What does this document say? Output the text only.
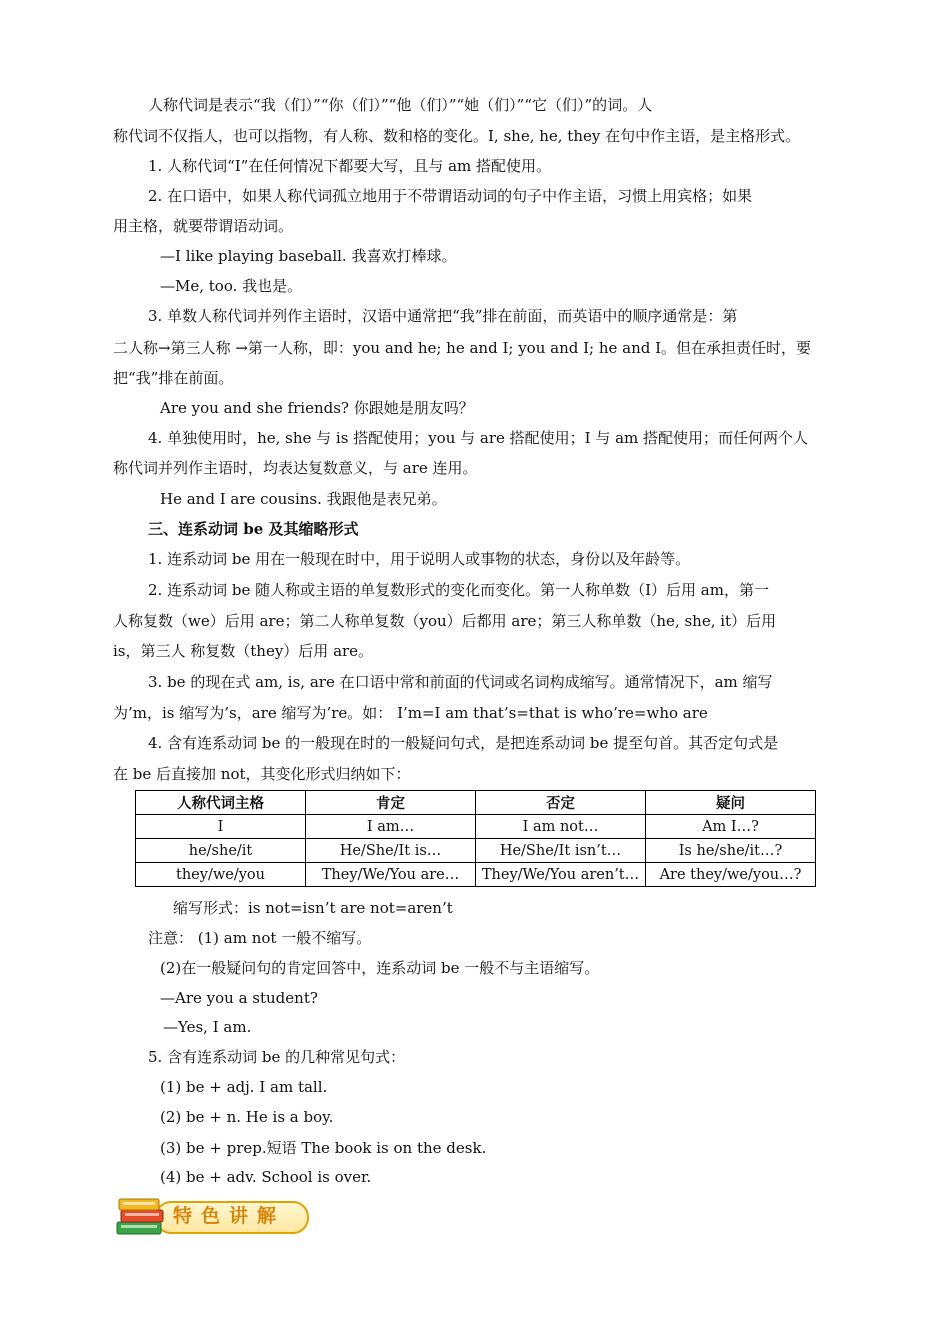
人称代词是表示“我（们）”“你（们）”“他（们）”“她（们）”“它（们）”的词。人
称代词不仅指人，也可以指物，有人称、数和格的变化。I, she, he, they 在句中作主语，是主格形式。
1. 人称代词“I”在任何情况下都要大写，且与 am 搭配使用。
2. 在口语中，如果人称代词孤立地用于不带谓语动词的句子中作主语，习惯上用宾格；如果
用主格，就要带谓语动词。
—I like playing baseball. 我喜欢打棒球。
—Me, too. 我也是。
3. 单数人称代词并列作主语时，汉语中通常把“我”排在前面，而英语中的顺序通常是：第
二人称→第三人称 →第一人称，即：you and he; he and I; you and I; he and I。但在承担责任时，要
把“我”排在前面。
Are you and she friends? 你跟她是朋友吗？
4. 单独使用时，he, she 与 is 搭配使用；you 与 are 搭配使用；I 与 am 搭配使用；而任何两个人
称代词并列作主语时，均表达复数意义，与 are 连用。
He and I are cousins. 我跟他是表兄弟。
三、连系动词 be 及其缩略形式
1. 连系动词 be 用在一般现在时中，用于说明人或事物的状态，身份以及年龄等。
2. 连系动词 be 随人称或主语的单复数形式的变化而变化。第一人称单数（I）后用 am，第一
人称复数（we）后用 are；第二人称单复数（you）后都用 are；第三人称单数（he, she, it）后用
is，第三人 称复数（they）后用 are。
3. be 的现在式 am, is, are 在口语中常和前面的代词或名词构成缩写。通常情况下，am 缩写
为’m，is 缩写为’s，are 缩写为’re。如： I’m=I am that’s=that is who’re=who are
4. 含有连系动词 be 的一般现在时的一般疑问句式，是把连系动词 be 提至句首。其否定句式是
在 be 后直接加 not，其变化形式归纳如下：
人称代词主格	肯定	否定	疑问
I	I am…	I am not…	Am I…?
he/she/it	He/She/It is…	He/She/It isn’t…	Is he/she/it…?
they/we/you	They/We/You are…	They/We/You aren’t…	Are they/we/you…?
缩写形式：is not=isn’t are not=aren’t
注意： (1) am not 一般不缩写。
(2)在一般疑问句的肯定回答中，连系动词 be 一般不与主语缩写。
—Are you a student?
—Yes, I am.
5. 含有连系动词 be 的几种常见句式：
(1) be + adj. I am tall.
(2) be + n. He is a boy.
(3) be + prep.短语 The book is on the desk.
(4) be + adv. School is over.
特色讲解
